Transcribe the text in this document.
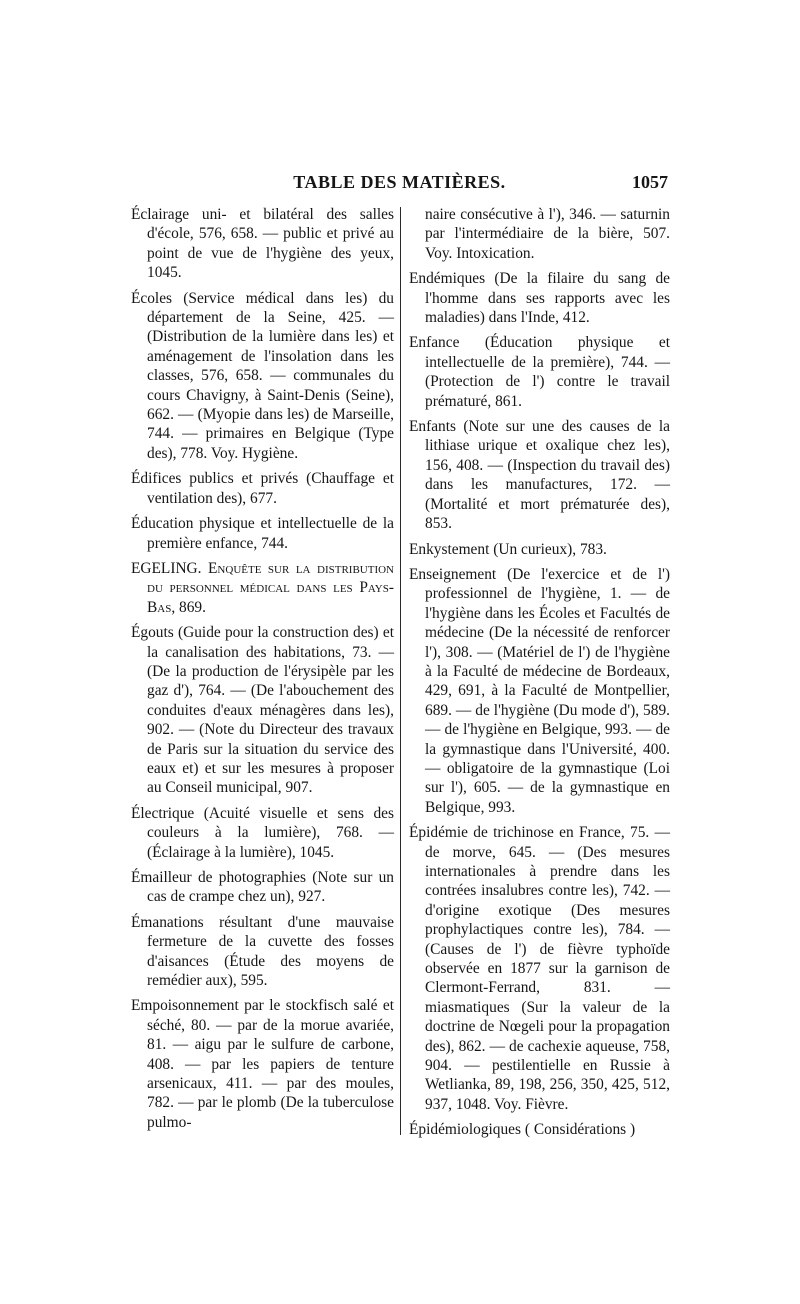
TABLE DES MATIÈRES.	1057

Éclairage uni- et bilatéral des salles d'école, 576, 658. — public et privé au point de vue de l'hygiène des yeux, 1045.

Écoles (Service médical dans les) du département de la Seine, 425. — (Distribution de la lumière dans les) et aménagement de l'insolation dans les classes, 576, 658. — communales du cours Chavigny, à Saint-Denis (Seine), 662. — (Myopie dans les) de Marseille, 744. — primaires en Belgique (Type des), 778. Voy. Hygiène.

Édifices publics et privés (Chauffage et ventilation des), 677.

Éducation physique et intellectuelle de la première enfance, 744.

EGELING. Enquête sur la distribution du personnel médical dans les Pays-Bas, 869.

Égouts (Guide pour la construction des) et la canalisation des habitations, 73. — (De la production de l'érysipèle par les gaz d'), 764. — (De l'abouchement des conduites d'eaux ménagères dans les), 902. — (Note du Directeur des travaux de Paris sur la situation du service des eaux et) et sur les mesures à proposer au Conseil municipal, 907.

Électrique (Acuité visuelle et sens des couleurs à la lumière), 768. — (Éclairage à la lumière), 1045.

Émailleur de photographies (Note sur un cas de crampe chez un), 927.

Émanations résultant d'une mauvaise fermeture de la cuvette des fosses d'aisances (Étude des moyens de remédier aux), 595.

Empoisonnement par le stockfisch salé et séché, 80. — par de la morue avariée, 81. — aigu par le sulfure de carbone, 408. — par les papiers de tenture arsenicaux, 411. — par des moules, 782. — par le plomb (De la tuberculose pulmo-

naire consécutive à l'), 346. — saturnin par l'intermédiaire de la bière, 507. Voy. Intoxication.

Endémiques (De la filaire du sang de l'homme dans ses rapports avec les maladies) dans l'Inde, 412.

Enfance (Éducation physique et intellectuelle de la première), 744. — (Protection de l') contre le travail prématuré, 861.

Enfants (Note sur une des causes de la lithiase urique et oxalique chez les), 156, 408. — (Inspection du travail des) dans les manufactures, 172. — (Mortalité et mort prématurée des), 853.

Enkystement (Un curieux), 783.

Enseignement (De l'exercice et de l') professionnel de l'hygiène, 1. — de l'hygiène dans les Écoles et Facultés de médecine (De la nécessité de renforcer l'), 308. — (Matériel de l') de l'hygiène à la Faculté de médecine de Bordeaux, 429, 691, à la Faculté de Montpellier, 689. — de l'hygiène (Du mode d'), 589. — de l'hygiène en Belgique, 993. — de la gymnastique dans l'Université, 400. — obligatoire de la gymnastique (Loi sur l'), 605. — de la gymnastique en Belgique, 993.

Épidémie de trichinose en France, 75. — de morve, 645. — (Des mesures internationales à prendre dans les contrées insalubres contre les), 742. — d'origine exotique (Des mesures prophylactiques contre les), 784. — (Causes de l') de fièvre typhoïde observée en 1877 sur la garnison de Clermont-Ferrand, 831. — miasmatiques (Sur la valeur de la doctrine de Nœgeli pour la propagation des), 862. — de cachexie aqueuse, 758, 904. — pestilentielle en Russie à Wetlianka, 89, 198, 256, 350, 425, 512, 937, 1048. Voy. Fièvre.

Épidémiologiques ( Considérations )
